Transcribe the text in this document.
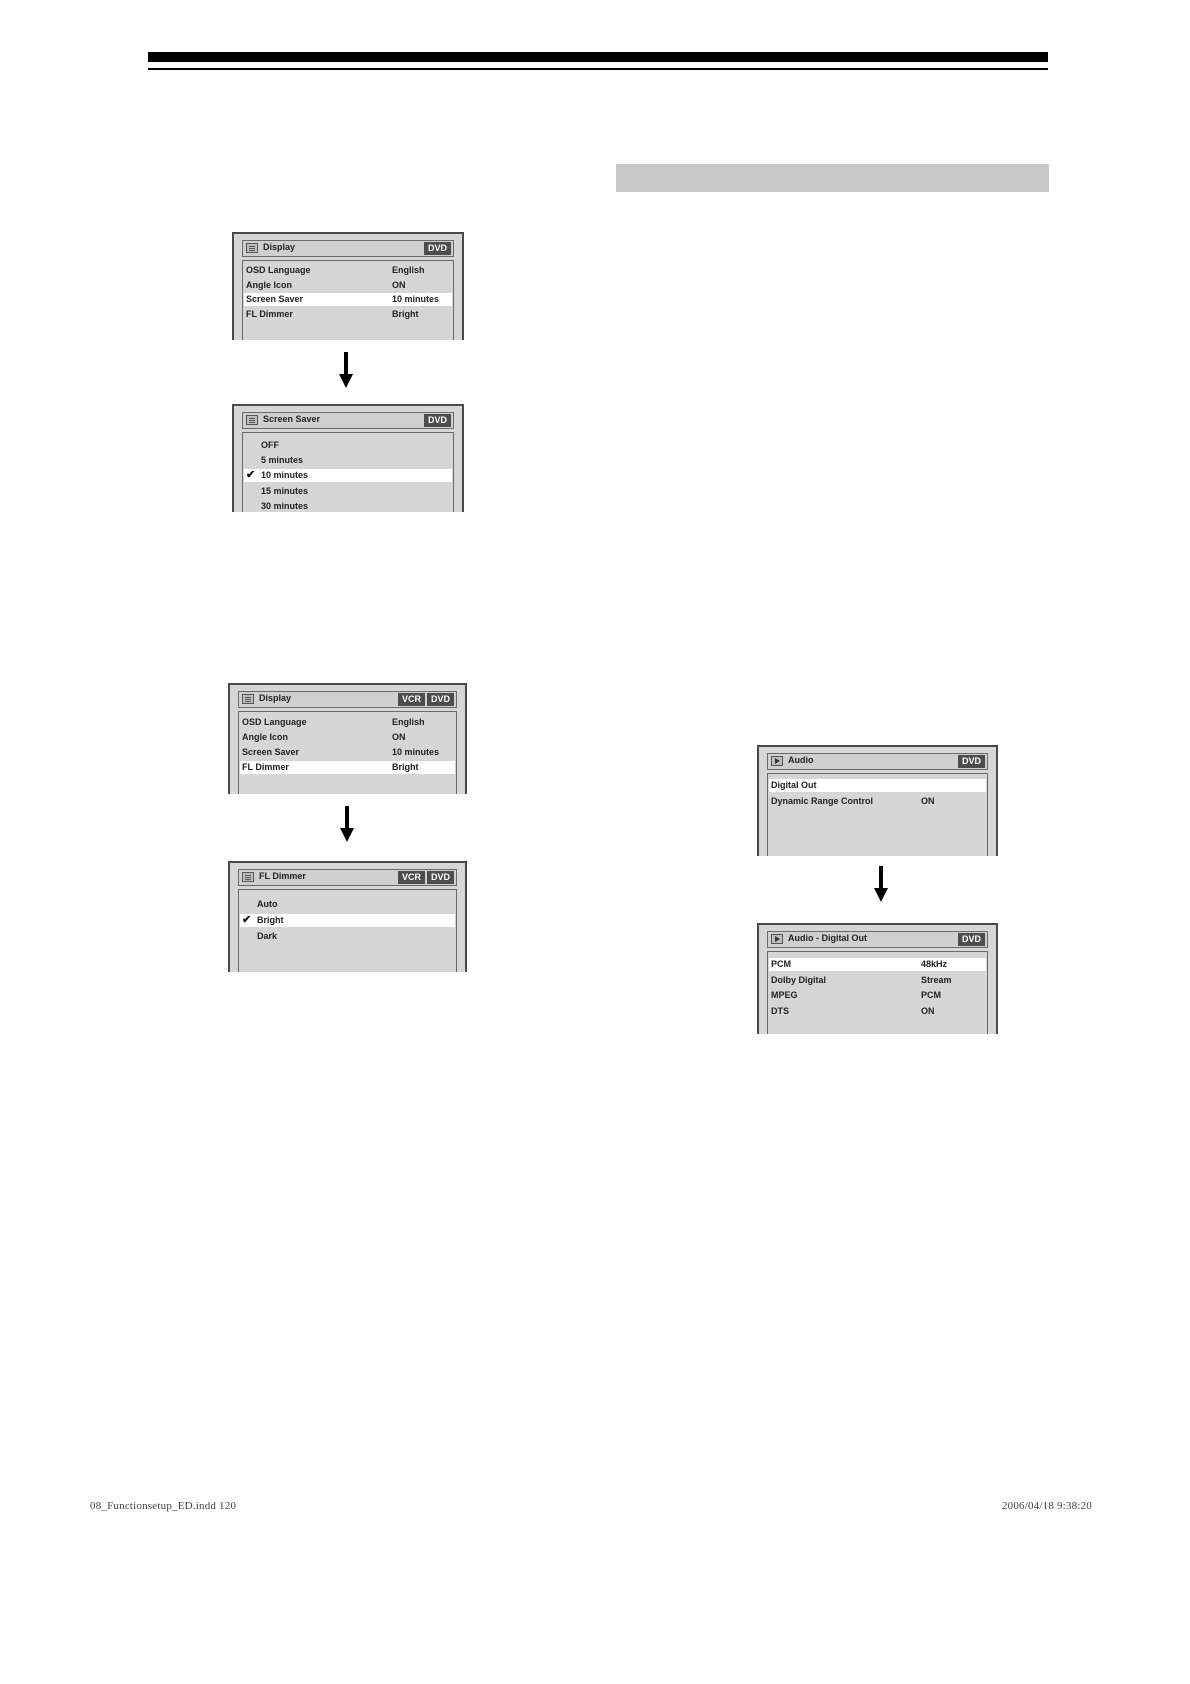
Display	DVD
OSD Language	English
Angle Icon	ON
Screen Saver	10 minutes
FL Dimmer	Bright
Screen Saver	DVD
OFF
5 minutes
✔ 10 minutes
15 minutes
30 minutes
Display	VCR	DVD
OSD Language	English
Angle Icon	ON
Screen Saver	10 minutes
FL Dimmer	Bright
FL Dimmer	VCR	DVD
Auto
✔ Bright
Dark
Audio	DVD
Digital Out
Dynamic Range Control	ON
Audio - Digital Out	DVD
PCM	48kHz
Dolby Digital	Stream
MPEG	PCM
DTS	ON
08_Functionsetup_ED.indd 120	2006/04/18 9:38:20
